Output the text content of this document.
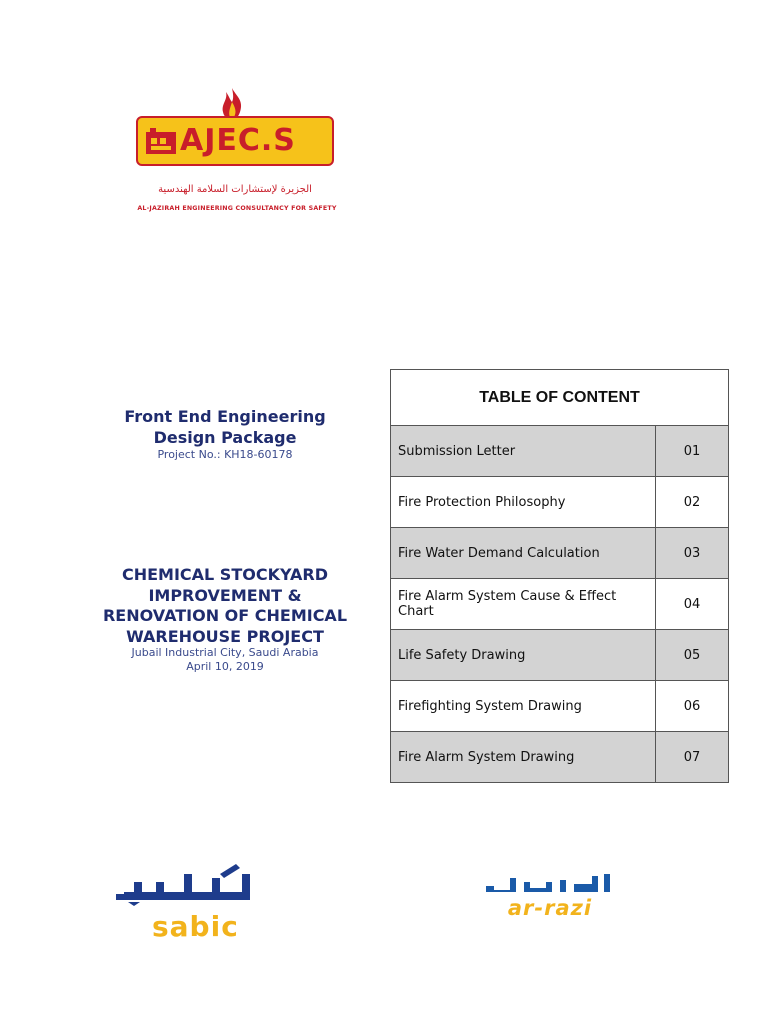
AJEC.S
الجزيرة لإستشارات السلامة الهندسية
AL-JAZIRAH ENGINEERING CONSULTANCY FOR SAFETY
Front End Engineering
Design Package
Project No.: KH18-60178
CHEMICAL STOCKYARD
IMPROVEMENT &
RENOVATION OF CHEMICAL
WAREHOUSE PROJECT
Jubail Industrial City, Saudi Arabia
April 10, 2019
TABLE OF CONTENT	
Submission Letter	01
Fire Protection Philosophy	02
Fire Water Demand Calculation	03
Fire Alarm System Cause & Effect Chart	04
Life Safety Drawing	05
Firefighting System Drawing	06
Fire Alarm System Drawing	07
sabic
ar-razi
